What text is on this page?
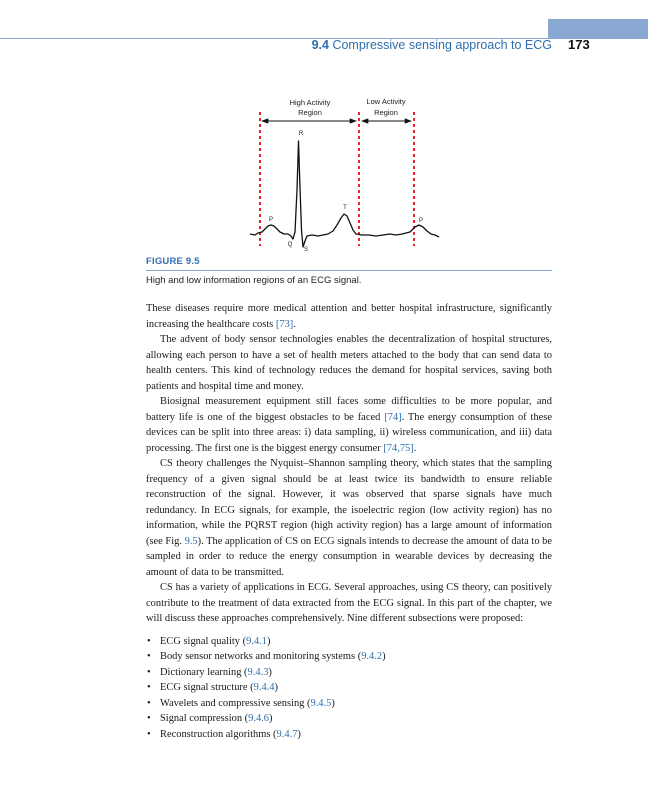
9.4 Compressive sensing approach to ECG 173
High Activity
Region
Low Activity
Region
P
Q
R
S
T
P
FIGURE 9.5
High and low information regions of an ECG signal.

These diseases require more medical attention and better hospital infrastructure, significantly increasing the healthcare costs [73].

The advent of body sensor technologies enables the decentralization of hospital structures, allowing each person to have a set of health meters attached to the body that can send data to health centers. This kind of technology reduces the demand for hospital services, saving both patients and hospital time and money.

Biosignal measurement equipment still faces some difficulties to be more popular, and battery life is one of the biggest obstacles to be faced [74]. The energy consumption of these devices can be split into three areas: i) data sampling, ii) wireless communication, and iii) data processing. The first one is the biggest energy consumer [74,75].

CS theory challenges the Nyquist–Shannon sampling theory, which states that the sampling frequency of a given signal should be at least twice its bandwidth to ensure reliable reconstruction of the signal. However, it was observed that sparse signals have much redundancy. In ECG signals, for example, the isoelectric region (low activity region) has no information, while the PQRST region (high activity region) has a large amount of information (see Fig. 9.5). The application of CS on ECG signals intends to decrease the amount of data to be sampled in order to reduce the energy consumption in wearable devices by decreasing the amount of data to be transmitted.

CS has a variety of applications in ECG. Several approaches, using CS theory, can positively contribute to the treatment of data extracted from the ECG signal. In this part of the chapter, we will discuss these approaches comprehensively. Nine different subsections were proposed:

• ECG signal quality (9.4.1)
• Body sensor networks and monitoring systems (9.4.2)
• Dictionary learning (9.4.3)
• ECG signal structure (9.4.4)
• Wavelets and compressive sensing (9.4.5)
• Signal compression (9.4.6)
• Reconstruction algorithms (9.4.7)
